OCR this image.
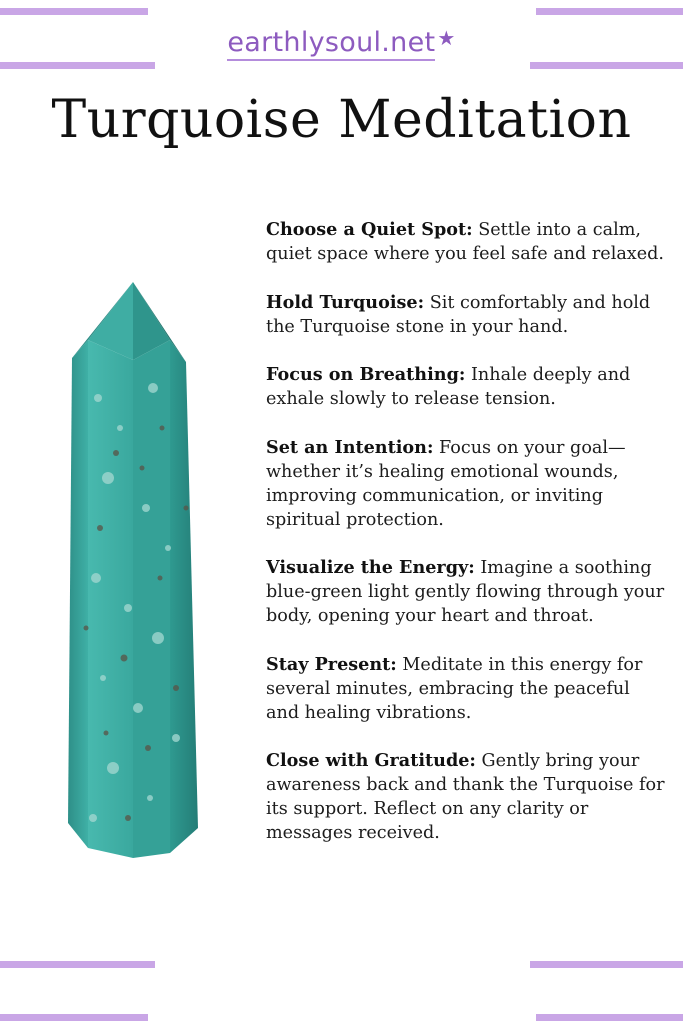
earthlysoul.net ★
Turquoise Meditation

Choose a Quiet Spot: Settle into a calm, quiet space where you feel safe and relaxed.

Hold Turquoise: Sit comfortably and hold the Turquoise stone in your hand.

Focus on Breathing: Inhale deeply and exhale slowly to release tension.

Set an Intention: Focus on your goal—whether it’s healing emotional wounds, improving communication, or inviting spiritual protection.

Visualize the Energy: Imagine a soothing blue-green light gently flowing through your body, opening your heart and throat.

Stay Present: Meditate in this energy for several minutes, embracing the peaceful and healing vibrations.

Close with Gratitude: Gently bring your awareness back and thank the Turquoise for its support. Reflect on any clarity or messages received.
